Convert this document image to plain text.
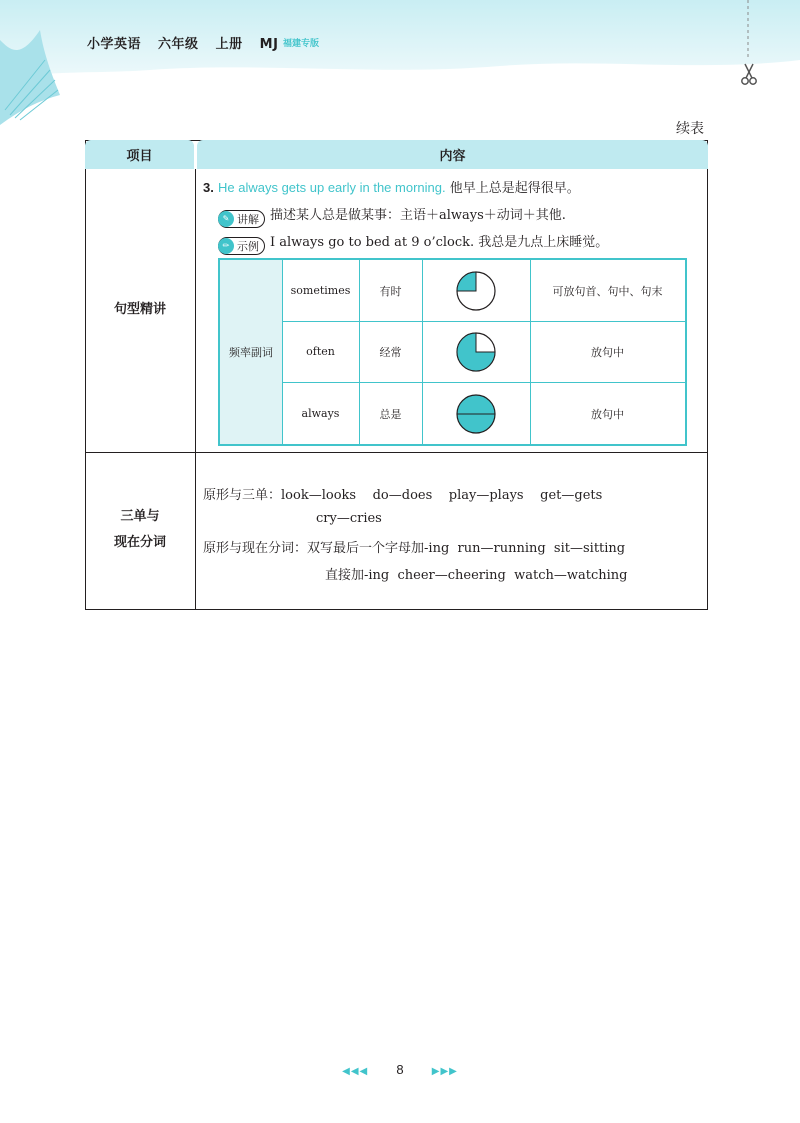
小学英语 六年级 上册 MJ 福建专版
续表
项目	内容
句型精讲
3. He always gets up early in the morning. 他早上总是起得很早。
✎ 讲解 描述某人总是做某事：主语＋always＋动词＋其他.
✏ 示例 I always go to bed at 9 o’clock. 我总是九点上床睡觉。
频率副词
sometimes	有时	可放句首、句中、句末
often	经常	放句中
always	总是	放句中
三单与
现在分词
原形与三单：look—looks    do—does    play—plays    get—gets
cry—cries
原形与现在分词：双写最后一个字母加-ing  run—running  sit—sitting
直接加-ing  cheer—cheering  watch—watching
◀◀◀ 8	▶▶▶
